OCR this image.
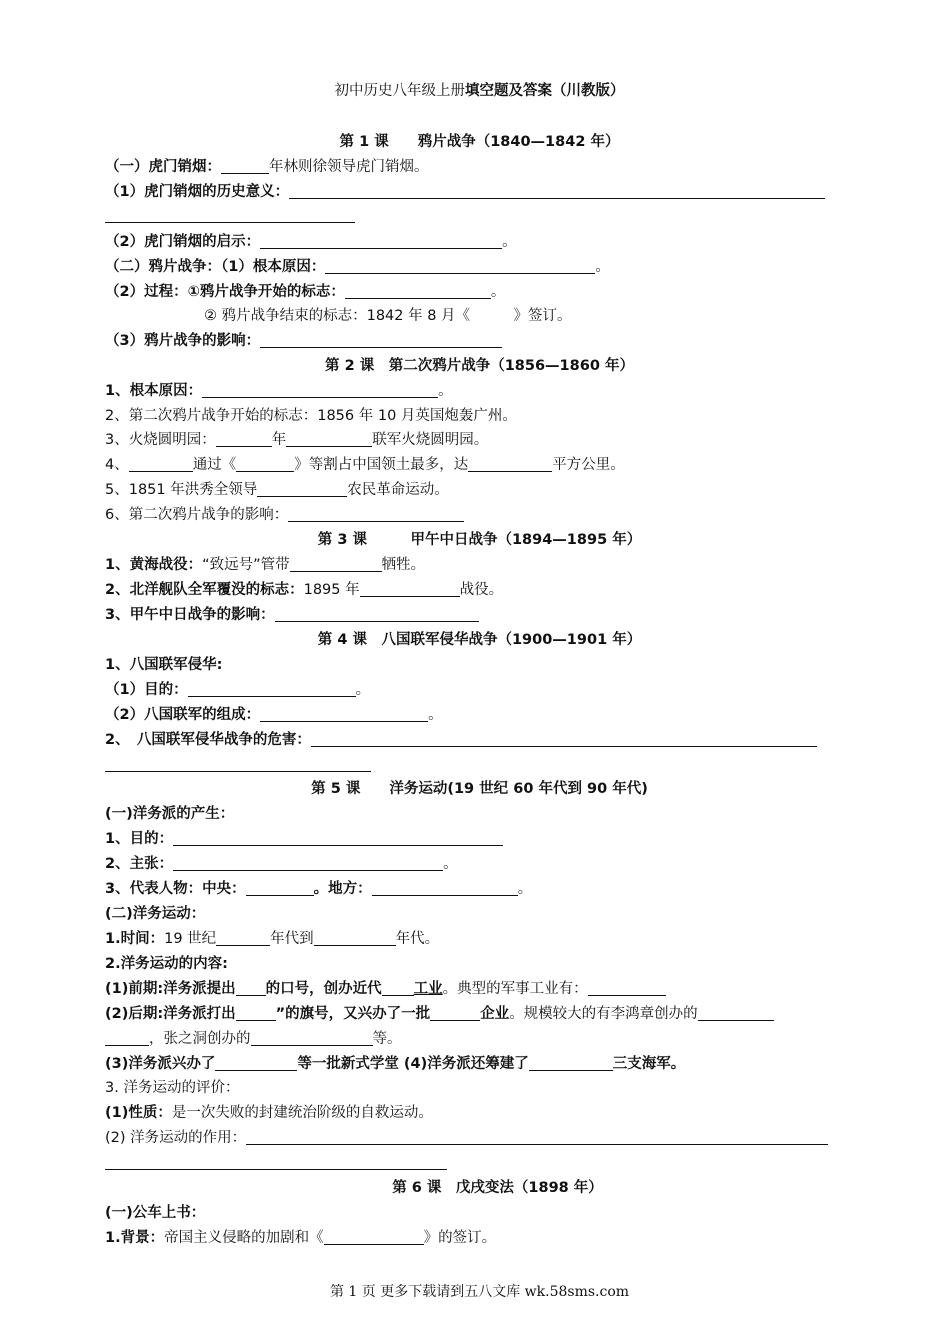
初中历史八年级上册填空题及答案（川教版）
第 1 课　　鸦片战争（1840—1842 年）
（一）虎门销烟：	年林则徐领导虎门销烟。
（1）虎门销烟的历史意义：
（2）虎门销烟的启示：	。
（二）鸦片战争：（1）根本原因：	。
（2）过程：①鸦片战争开始的标志：	。
② 鸦片战争结束的标志：1842 年 8 月《　　　》签订。
（3）鸦片战争的影响：
第 2 课　第二次鸦片战争（1856—1860 年）
1、根本原因：	。
2、第二次鸦片战争开始的标志：1856 年 10 月英国炮轰广州。
3、火烧圆明园：	年	联军火烧圆明园。
4、	通过《	》等割占中国领土最多，达	平方公里。
5、1851 年洪秀全领导	农民革命运动。
6、第二次鸦片战争的影响：
第 3 课　　　甲午中日战争（1894—1895 年）
1、黄海战役：“致远号”管带	牺牲。
2、北洋舰队全军覆没的标志：1895 年	战役。
3、甲午中日战争的影响：
第 4 课　八国联军侵华战争（1900—1901 年）
1、八国联军侵华:
（1）目的：	。
（2）八国联军的组成：	。
2、　八国联军侵华战争的危害：
第 5 课　　洋务运动(19 世纪 60 年代到 90 年代)
(一)洋务派的产生：
1、目的：
2、主张：	。
3、代表人物：中央：	。地方：	。
(二)洋务运动：
1.时间：19 世纪	年代到	年代。
2.洋务运动的内容:
(1)前期:洋务派提出 的口号，创办近代 工业。典型的军事工业有：
(2)后期:洋务派打出	”的旗号，又兴办了一批	企业。规模较大的有李鸿章创办的
，张之洞创办的	等。
(3)洋务派兴办了	等一批新式学堂 (4)洋务派还筹建了	三支海军。
3. 洋务运动的评价：
(1)性质：是一次失败的封建统治阶级的自救运动。
(2) 洋务运动的作用：
第 6 课　戊戌变法（1898 年）
(一)公车上书：
1.背景：帝国主义侵略的加剧和《	》的签订。
第 1 页 更多下载请到五八文库 wk.58sms.com
